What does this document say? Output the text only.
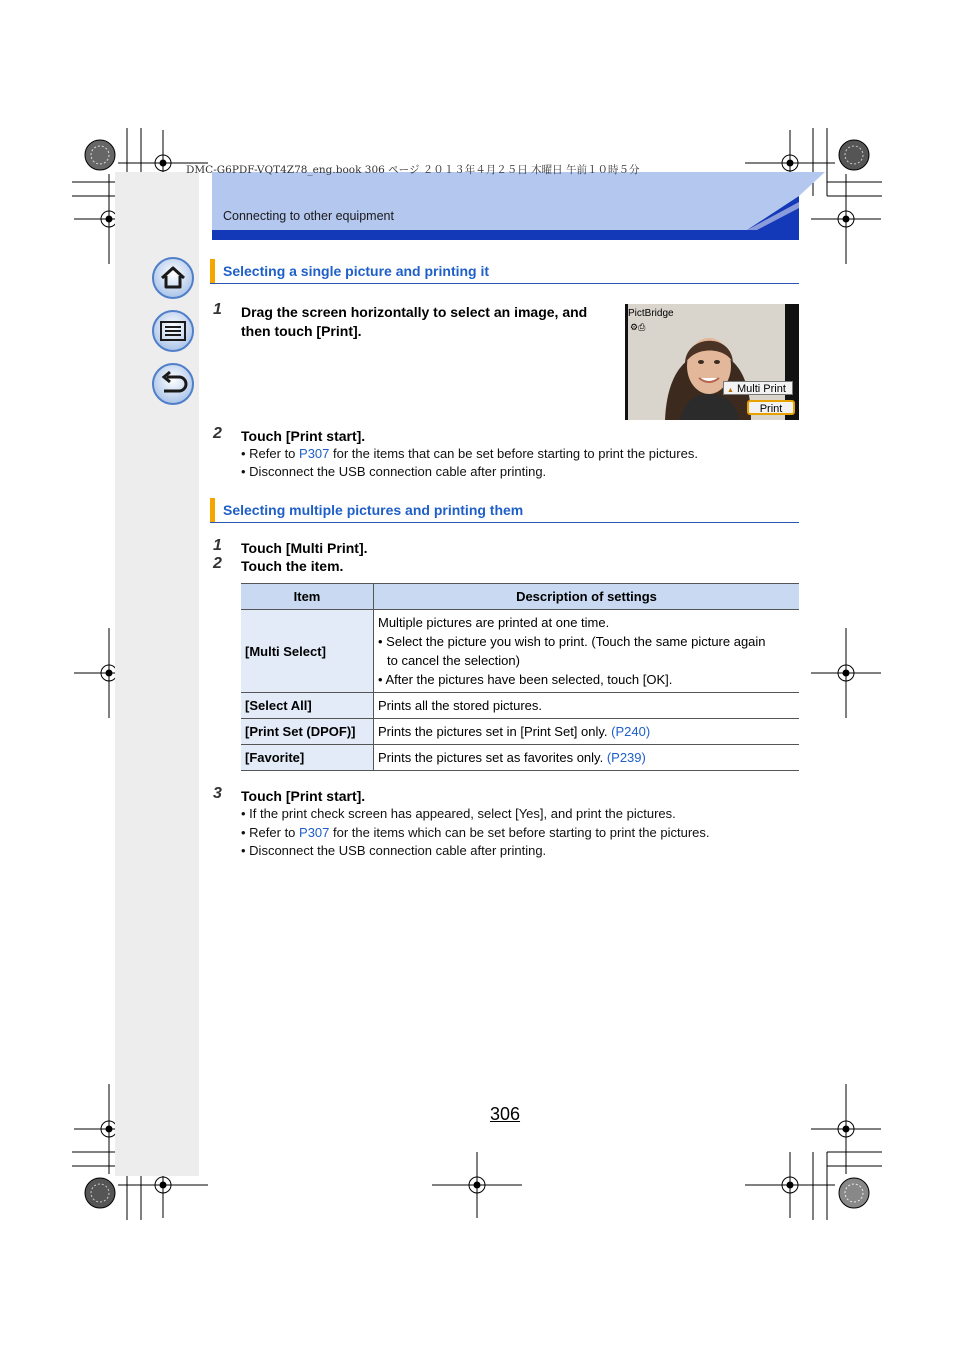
DMC-G6PDF-VQT4Z78_eng.book 306 ページ ２０１３年４月２５日 木曜日 午前１０時５分
Connecting to other equipment
Selecting a single picture and printing it
1 Drag the screen horizontally to select an image, and
then touch [Print].
PictBridge
⚙⎙
▲ Multi Print
Print
2 Touch [Print start].
• Refer to P307 for the items that can be set before starting to print the pictures.
• Disconnect the USB connection cable after printing.
Selecting multiple pictures and printing them
1 Touch [Multi Print].
2 Touch the item.
Item	Description of settings
[Multi Select]	Multiple pictures are printed at one time.
• Select the picture you wish to print. (Touch the same picture again
to cancel the selection)
• After the pictures have been selected, touch [OK].

[Select All]	Prints all the stored pictures.
[Print Set (DPOF)]	Prints the pictures set in [Print Set] only. (P240)
[Favorite]	Prints the pictures set as favorites only. (P239)
3 Touch [Print start].
• If the print check screen has appeared, select [Yes], and print the pictures.
• Refer to P307 for the items which can be set before starting to print the pictures.
• Disconnect the USB connection cable after printing.
306
